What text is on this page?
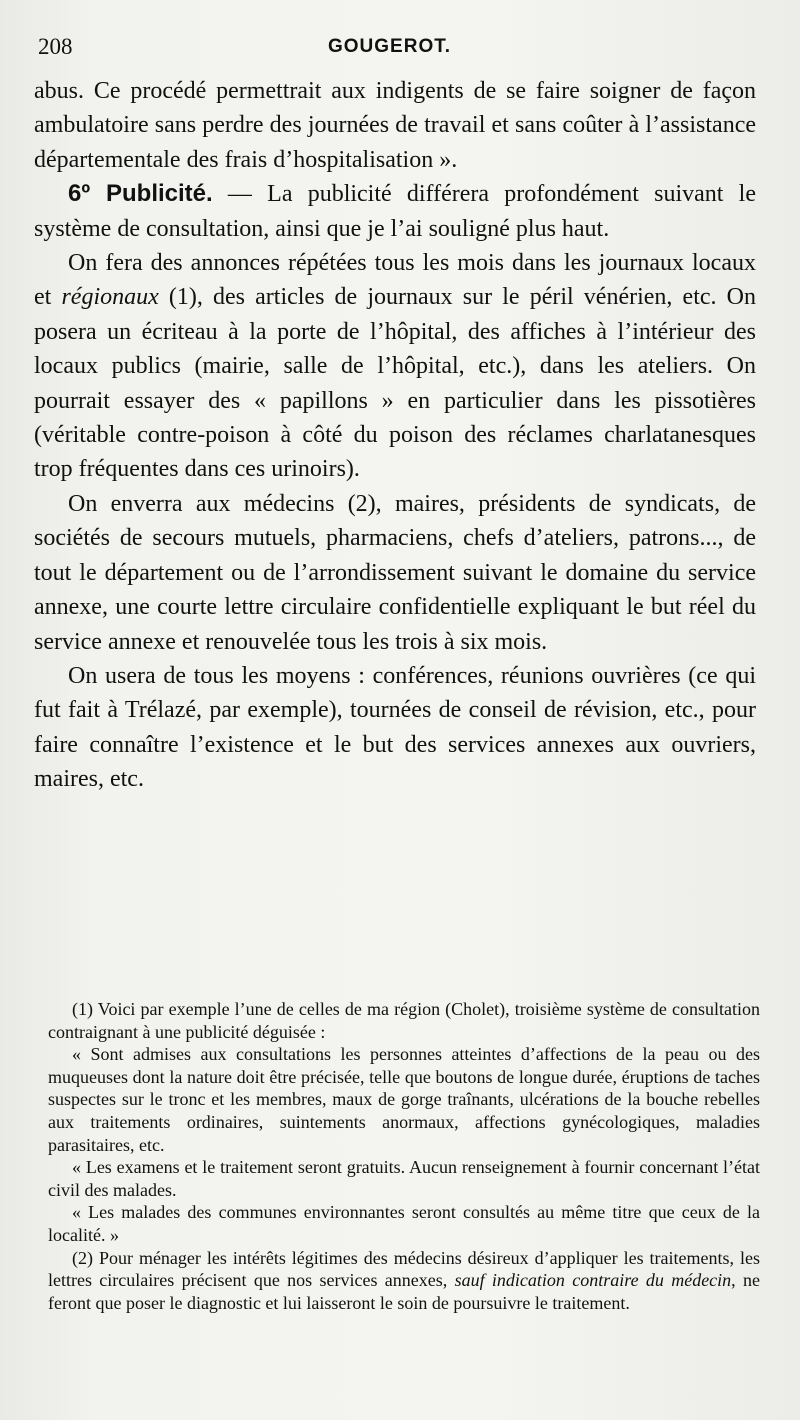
208	GOUGEROT.

abus. Ce procédé permettrait aux indigents de se faire soigner de façon ambulatoire sans perdre des journées de travail et sans coûter à l’assistance départementale des frais d’hospitalisation ».

6º Publicité. — La publicité différera profondément suivant le système de consultation, ainsi que je l’ai souligné plus haut.

On fera des annonces répétées tous les mois dans les journaux locaux et régionaux (1), des articles de journaux sur le péril vénérien, etc. On posera un écriteau à la porte de l’hôpital, des affiches à l’intérieur des locaux publics (mairie, salle de l’hôpital, etc.), dans les ateliers. On pourrait essayer des « papillons » en particulier dans les pissotières (véritable contre-poison à côté du poison des réclames charlatanesques trop fréquentes dans ces urinoirs).

On enverra aux médecins (2), maires, présidents de syndicats, de sociétés de secours mutuels, pharmaciens, chefs d’ateliers, patrons..., de tout le département ou de l’arrondissement suivant le domaine du service annexe, une courte lettre circulaire confidentielle expliquant le but réel du service annexe et renouvelée tous les trois à six mois.

On usera de tous les moyens : conférences, réunions ouvrières (ce qui fut fait à Trélazé, par exemple), tournées de conseil de révision, etc., pour faire connaître l’existence et le but des services annexes aux ouvriers, maires, etc.

(1) Voici par exemple l’une de celles de ma région (Cholet), troisième système de consultation contraignant à une publicité déguisée :

« Sont admises aux consultations les personnes atteintes d’affections de la peau ou des muqueuses dont la nature doit être précisée, telle que boutons de longue durée, éruptions de taches suspectes sur le tronc et les membres, maux de gorge traînants, ulcérations de la bouche rebelles aux traitements ordinaires, suintements anormaux, affections gynécologiques, maladies parasitaires, etc.

« Les examens et le traitement seront gratuits. Aucun renseignement à fournir concernant l’état civil des malades.

« Les malades des communes environnantes seront consultés au même titre que ceux de la localité. »

(2) Pour ménager les intérêts légitimes des médecins désireux d’appliquer les traitements, les lettres circulaires précisent que nos services annexes, sauf indication contraire du médecin, ne feront que poser le diagnostic et lui laisseront le soin de poursuivre le traitement.
